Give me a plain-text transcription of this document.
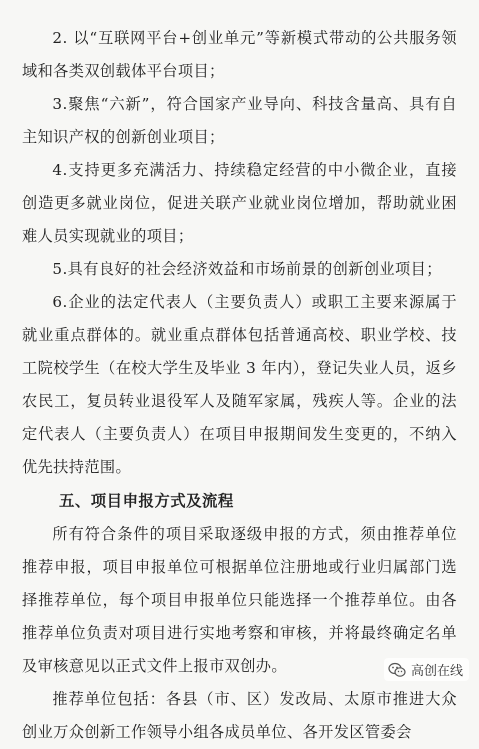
2. 以“互联网平台+创业单元”等新模式带动的公共服务领域和各类双创载体平台项目；

3.聚焦“六新”，符合国家产业导向、科技含量高、具有自主知识产权的创新创业项目；

4.支持更多充满活力、持续稳定经营的中小微企业，直接创造更多就业岗位，促进关联产业就业岗位增加，帮助就业困难人员实现就业的项目；

5.具有良好的社会经济效益和市场前景的创新创业项目；

6.企业的法定代表人（主要负责人）或职工主要来源属于就业重点群体的。就业重点群体包括普通高校、职业学校、技工院校学生（在校大学生及毕业 3 年内），登记失业人员，返乡农民工，复员转业退役军人及随军家属，残疾人等。企业的法定代表人（主要负责人）在项目申报期间发生变更的，不纳入优先扶持范围。

五、项目申报方式及流程

所有符合条件的项目采取逐级申报的方式，须由推荐单位推荐申报，项目申报单位可根据单位注册地或行业归属部门选择推荐单位，每个项目申报单位只能选择一个推荐单位。由各推荐单位负责对项目进行实地考察和审核，并将最终确定名单及审核意见以正式文件上报市双创办。

推荐单位包括：各县（市、区）发改局、太原市推进大众创业万众创新工作领导小组各成员单位、各开发区管委会

高创在线
